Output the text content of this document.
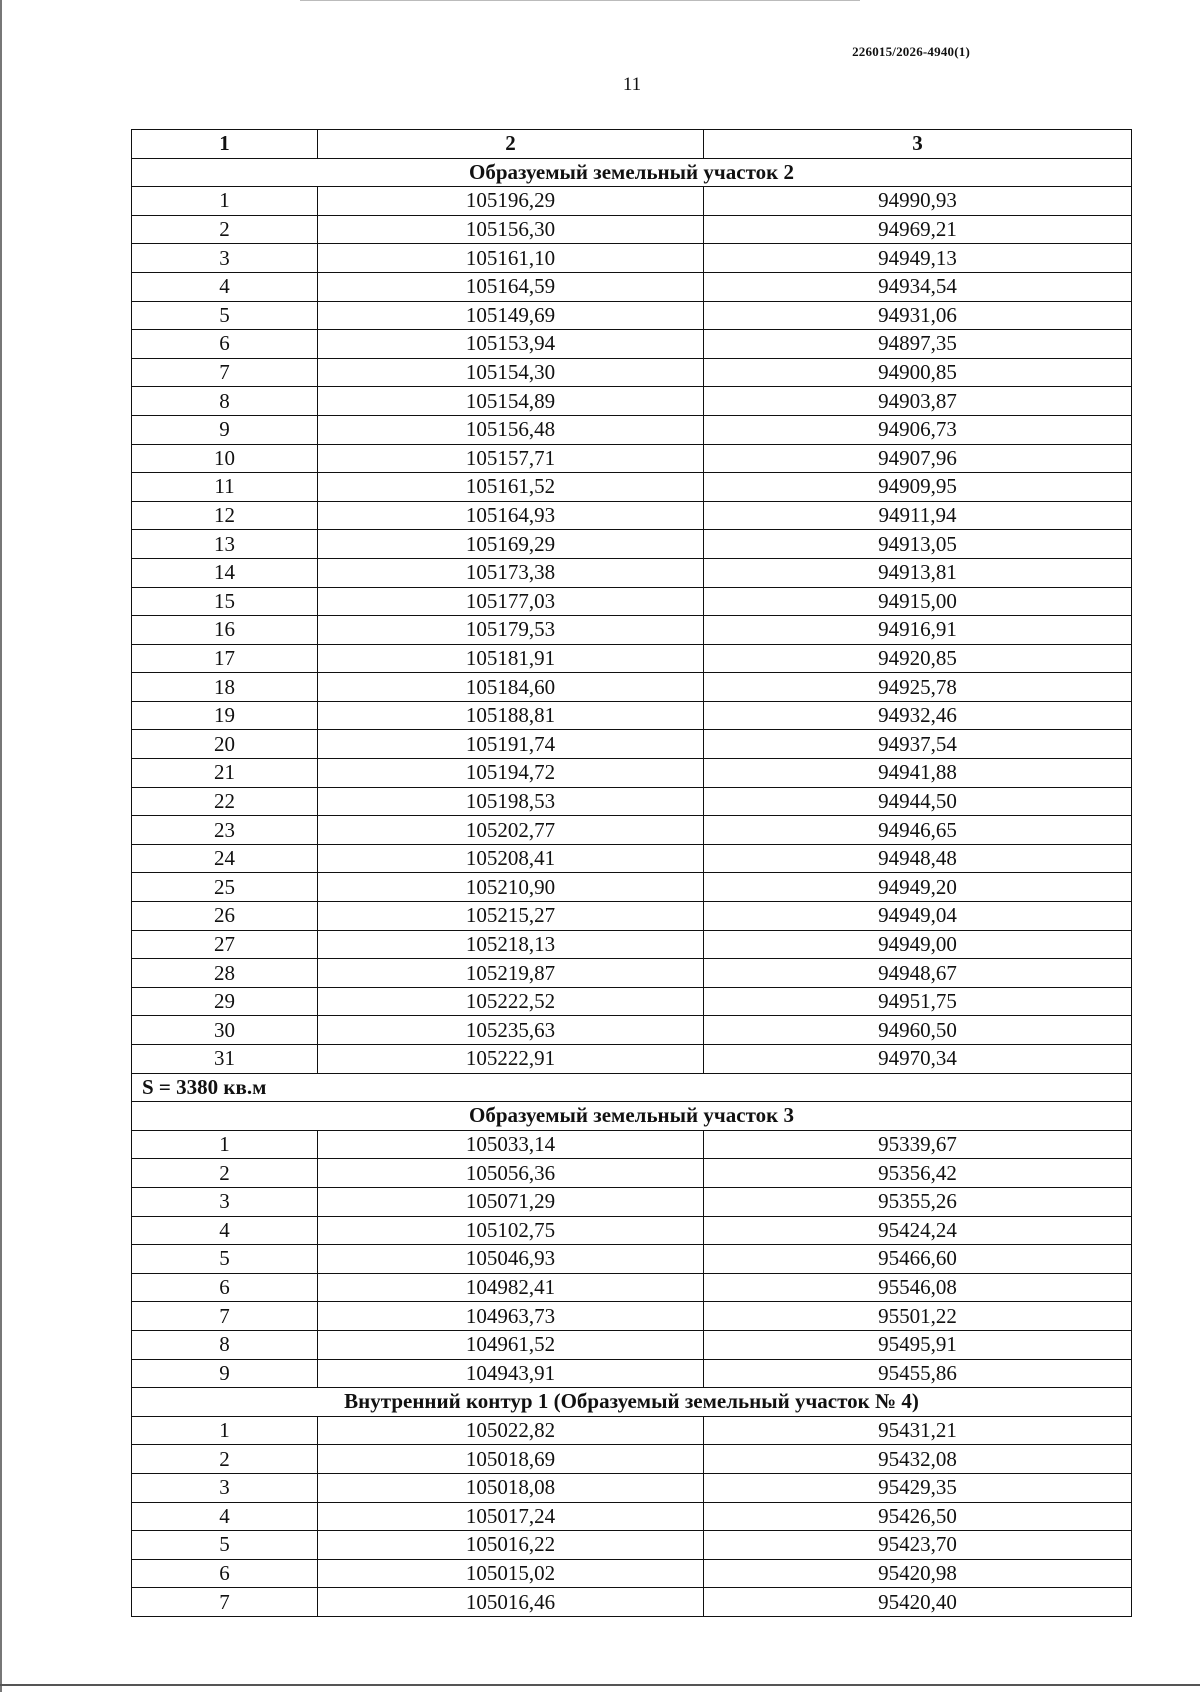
226015/2026-4940(1)
11
1	2	3
Образуемый земельный участок 2		
1	105196,29	94990,93
2	105156,30	94969,21
3	105161,10	94949,13
4	105164,59	94934,54
5	105149,69	94931,06
6	105153,94	94897,35
7	105154,30	94900,85
8	105154,89	94903,87
9	105156,48	94906,73
10	105157,71	94907,96
11	105161,52	94909,95
12	105164,93	94911,94
13	105169,29	94913,05
14	105173,38	94913,81
15	105177,03	94915,00
16	105179,53	94916,91
17	105181,91	94920,85
18	105184,60	94925,78
19	105188,81	94932,46
20	105191,74	94937,54
21	105194,72	94941,88
22	105198,53	94944,50
23	105202,77	94946,65
24	105208,41	94948,48
25	105210,90	94949,20
26	105215,27	94949,04
27	105218,13	94949,00
28	105219,87	94948,67
29	105222,52	94951,75
30	105235,63	94960,50
31	105222,91	94970,34
S = 3380 кв.м		
Образуемый земельный участок 3		
1	105033,14	95339,67
2	105056,36	95356,42
3	105071,29	95355,26
4	105102,75	95424,24
5	105046,93	95466,60
6	104982,41	95546,08
7	104963,73	95501,22
8	104961,52	95495,91
9	104943,91	95455,86
Внутренний контур 1 (Образуемый земельный участок № 4)		
1	105022,82	95431,21
2	105018,69	95432,08
3	105018,08	95429,35
4	105017,24	95426,50
5	105016,22	95423,70
6	105015,02	95420,98
7	105016,46	95420,40
